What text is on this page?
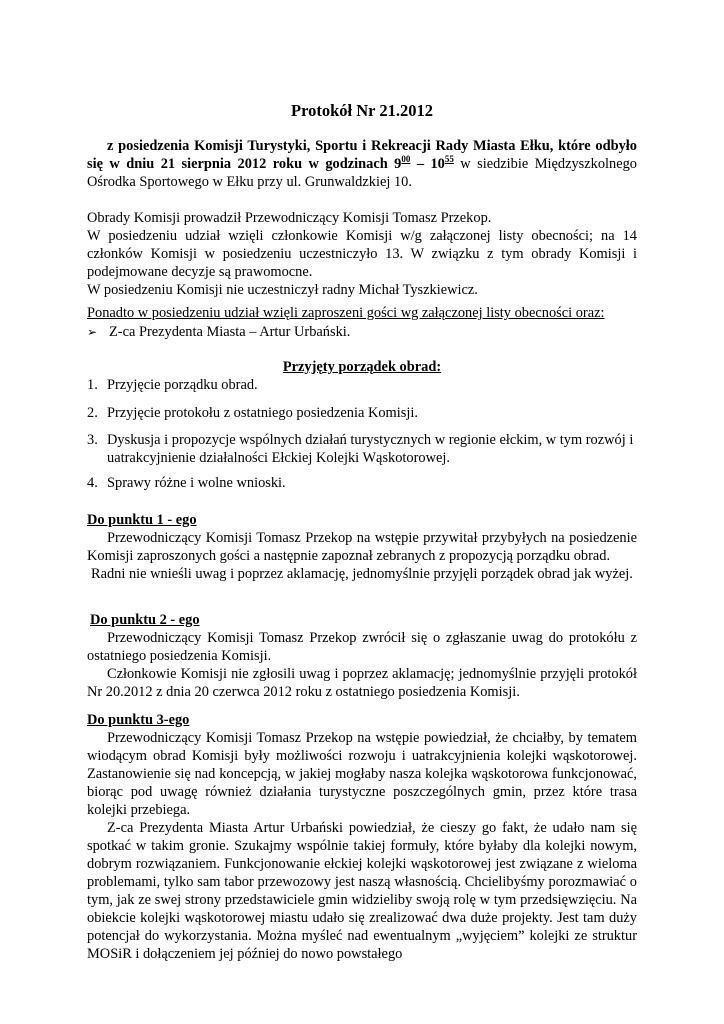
Protokół Nr 21.2012

z posiedzenia Komisji Turystyki, Sportu i Rekreacji Rady Miasta Ełku, które odbyło się w dniu 21 sierpnia 2012 roku w godzinach $9^{00} - 10^{55}$ w siedzibie Międzyszkolnego Ośrodka Sportowego w Ełku przy ul. Grunwaldzkiej 10.

Obrady Komisji prowadził Przewodniczący Komisji Tomasz Przekop.

W posiedzeniu udział wzięli członkowie Komisji w/g załączonej listy obecności; na 14 członków Komisji w posiedzeniu uczestniczyło 13. W związku z tym obrady Komisji i podejmowane decyzje są prawomocne.

W posiedzeniu Komisji nie uczestniczył radny Michał Tyszkiewicz.

Ponadto w posiedzeniu udział wzięli zaproszeni gości wg załączonej listy obecności oraz:
➢ Z-ca Prezydenta Miasta – Artur Urbański.
Przyjęty porządek obrad:
1. Przyjęcie porządku obrad.
2. Przyjęcie protokołu z ostatniego posiedzenia Komisji.
3. Dyskusja i propozycje wspólnych działań turystycznych w regionie ełckim, w tym rozwój i uatrakcyjnienie działalności Ełckiej Kolejki Wąskotorowej.
4. Sprawy różne i wolne wnioski.
Do punktu 1 - ego

Przewodniczący Komisji Tomasz Przekop na wstępie przywitał przybyłych na posiedzenie Komisji zaproszonych gości a następnie zapoznał zebranych z propozycją porządku obrad.

Radni nie wnieśli uwag i poprzez aklamację, jednomyślnie przyjęli porządek obrad jak wyżej.

Do punktu 2 - ego

Przewodniczący Komisji Tomasz Przekop zwrócił się o zgłaszanie uwag do protokółu z ostatniego posiedzenia Komisji.

Członkowie Komisji nie zgłosili uwag i poprzez aklamację; jednomyślnie przyjęli protokół Nr 20.2012 z dnia 20 czerwca 2012 roku z ostatniego posiedzenia Komisji.

Do punktu 3-ego

Przewodniczący Komisji Tomasz Przekop na wstępie powiedział, że chciałby, by tematem wiodącym obrad Komisji były możliwości rozwoju i uatrakcyjnienia kolejki wąskotorowej. Zastanowienie się nad koncepcją, w jakiej mogłaby nasza kolejka wąskotorowa funkcjonować, biorąc pod uwagę również działania turystyczne poszczególnych gmin, przez które trasa kolejki przebiega.

Z-ca Prezydenta Miasta Artur Urbański powiedział, że cieszy go fakt, że udało nam się spotkać w takim gronie. Szukajmy wspólnie takiej formuły, które byłaby dla kolejki nowym, dobrym rozwiązaniem. Funkcjonowanie ełckiej kolejki wąskotorowej jest związane z wieloma problemami, tylko sam tabor przewozowy jest naszą własnością. Chcielibyśmy porozmawiać o tym, jak ze swej strony przedstawiciele gmin widzieliby swoją rolę w tym przedsięwzięciu. Na obiekcie kolejki wąskotorowej miastu udało się zrealizować dwa duże projekty. Jest tam duży potencjał do wykorzystania. Można myśleć nad ewentualnym „wyjęciem” kolejki ze struktur MOSiR i dołączeniem jej później do nowo powstałego
